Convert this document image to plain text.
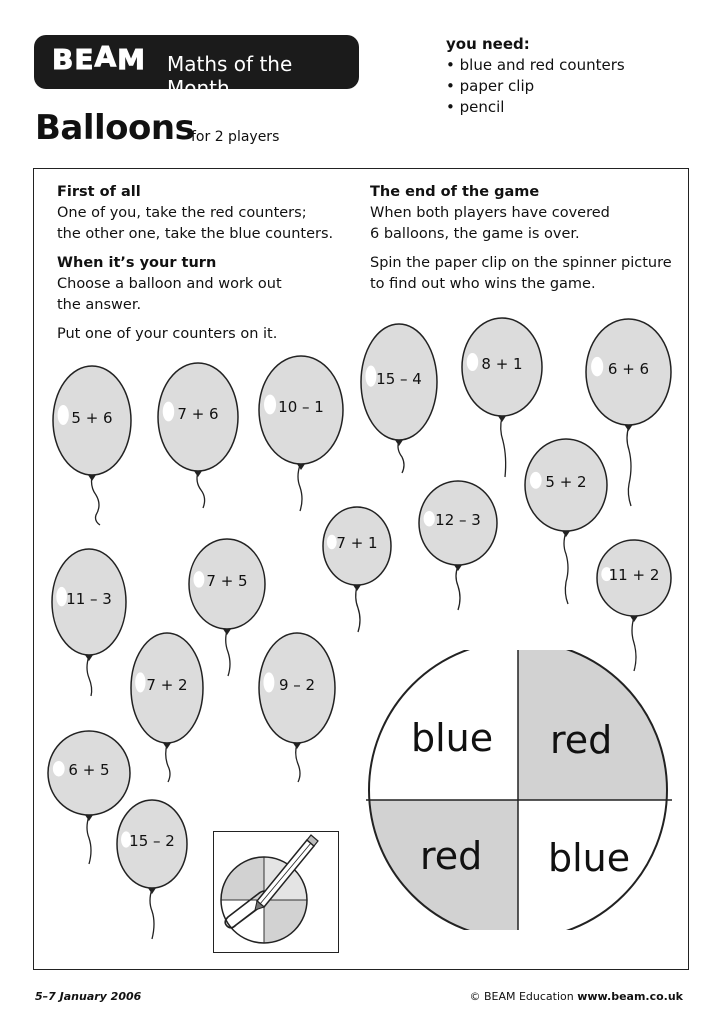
BEAM Maths of the Month
you need:
• blue and red counters
• paper clip
• pencil
Balloons
for 2 players

First of all

One of you, take the red counters;

the other one, take the blue counters.

When it’s your turn

Choose a balloon and work out

the answer.

Put one of your counters on it.

The end of the game

When both players have covered

6 balloons, the game is over.

Spin the paper clip on the spinner picture

to find out who wins the game.

5 + 6	7 + 6	10 – 1
15 – 4
8 + 1	6 + 6
5 + 2
12 – 3
7 + 1
7 + 5
11 – 3
11 + 2
7 + 2	9 – 2
6 + 5
15 – 2
blue red
red blue
5–7 January 2006	© BEAM Education www.beam.co.uk
